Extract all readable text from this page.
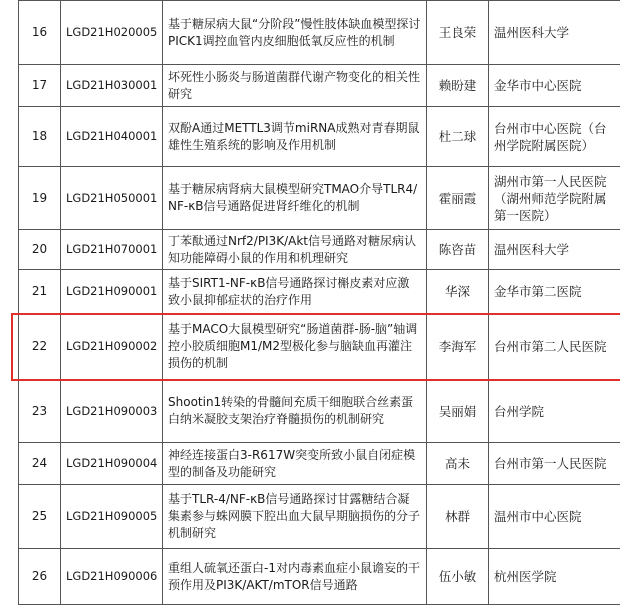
16	LGD21H020005	基于糖尿病大鼠“分阶段”慢性肢体缺血模型探讨PICK1调控血管内皮细胞低氧反应性的机制	王良荣	温州医科大学
17	LGD21H030001	坏死性小肠炎与肠道菌群代谢产物变化的相关性研究	赖盼建	金华市中心医院
18	LGD21H040001	双酚A通过METTL3调节miRNA成熟对青春期鼠雄性生殖系统的影响及作用机制	杜二球	台州市中心医院（台州学院附属医院）
19	LGD21H050001	基于糖尿病肾病大鼠模型研究TMAO介导TLR4/NF-κB信号通路促进肾纤维化的机制	霍丽霞	湖州市第一人民医院（湖州师范学院附属第一医院）
20	LGD21H070001	丁苯酞通过Nrf2/PI3K/Akt信号通路对糖尿病认知功能障碍小鼠的作用和机理研究	陈咨苗	温州医科大学
21	LGD21H090001	基于SIRT1-NF-κB信号通路探讨槲皮素对应激致小鼠抑郁症状的治疗作用	华深	金华市第二医院
22	LGD21H090002	基于MACO大鼠模型研究“肠道菌群-肠-脑”轴调控小胶质细胞M1/M2型极化参与脑缺血再灌注损伤的机制	李海军	台州市第二人民医院
23	LGD21H090003	Shootin1转染的骨髓间充质干细胞联合丝素蛋白纳米凝胶支架治疗脊髓损伤的机制研究	吴丽娟	台州学院
24	LGD21H090004	神经连接蛋白3-R617W突变所致小鼠自闭症模型的制备及功能研究	高未	台州市第一人民医院
25	LGD21H090005	基于TLR-4/NF-κB信号通路探讨甘露糖结合凝集素参与蛛网膜下腔出血大鼠早期脑损伤的分子机制研究	林群	温州市中心医院
26	LGD21H090006	重组人硫氧还蛋白-1对内毒素血症小鼠谵妄的干预作用及PI3K/AKT/mTOR信号通路	伍小敏	杭州医学院
